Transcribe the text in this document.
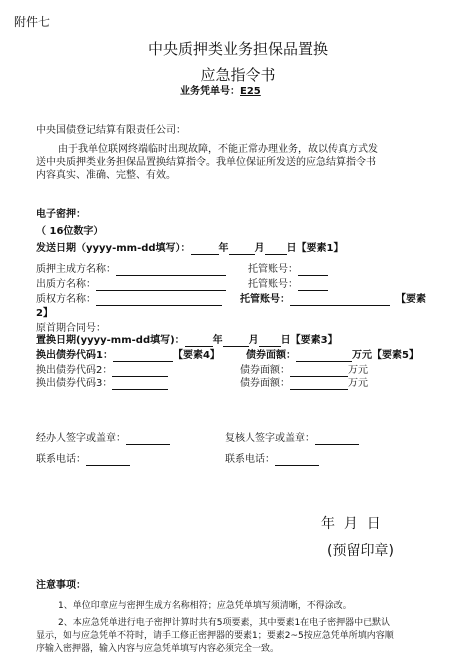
附件七
中央质押类业务担保品置换
应急指令书
业务凭单号：E25
中央国债登记结算有限责任公司：
由于我单位联网终端临时出现故障，不能正常办理业务，故以传真方式发
送中央质押类业务担保品置换结算指令。我单位保证所发送的应急结算指令书
内容真实、准确、完整、有效。
电子密押：
（ 16位数字）
发送日期（yyyy-mm-dd填写）：	年	月 日【要素1】
质押主成方名称：	托管账号：
出质方名称：	托管账号：
质权方名称：	托管账号：	【要素
2】
原首期合同号：
置换日期(yyyy-mm-dd填写)：	年	月 日【要素3】
换出债券代码1：	【要素4】	债券面额：	万元【要素5】
换出债券代码2：	债券面额：	万元
换出债券代码3：	债券面额：	万元
经办人签字或盖章：	复核人签字或盖章：
联系电话：	联系电话：
年  月  日
(预留印章)
注意事项：
1、单位印章应与密押生成方名称相符；应急凭单填写须清晰，不得涂改。
2、本应急凭单进行电子密押计算时共有5项要素，其中要素1在电子密押器中已默认
显示，如与应急凭单不符时，请手工修正密押器的要素1；要素2~5按应急凭单所填内容顺
序输入密押器，输入内容与应急凭单填写内容必须完全一致。
